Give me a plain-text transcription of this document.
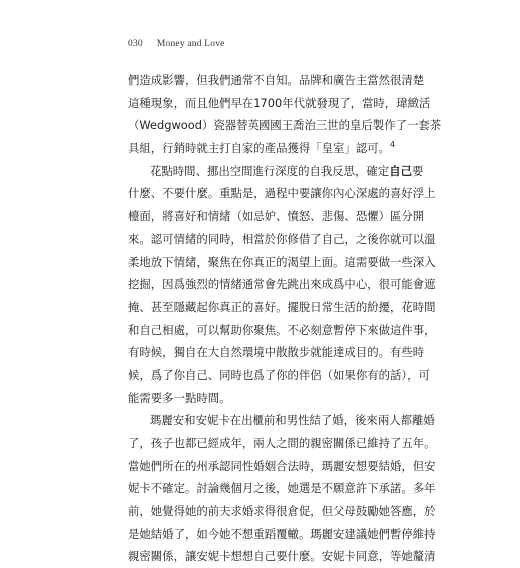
030 Money and Love
們造成影響，但我們通常不自知。品牌和廣告主當然很清楚
這種現象，而且他們早在1700年代就發現了，當時，瑋緻活
（Wedgwood）瓷器替英國國王喬治三世的皇后製作了一套茶
具組，行銷時就主打自家的產品獲得「皇室」認可。$^4$
花點時間、挪出空間進行深度的自我反思，確定自己要
什麼、不要什麼。重點是，過程中要讓你內心深處的喜好浮上
檯面，將喜好和情緒（如忌妒、憤怒、悲傷、恐懼）區分開
來。認可情緒的同時，相當於你修借了自己，之後你就可以溫
柔地放下情緒，聚焦在你真正的渴望上面。這需要做一些深入
挖掘，因爲強烈的情緒通常會先跳出來成爲中心，很可能會遮
掩、甚至隱藏起你真正的喜好。擺脫日常生活的紛擾，花時間
和自己相處，可以幫助你聚焦。不必刻意暫停下來做這件事，
有時候，獨自在大自然環境中散散步就能達成目的。有些時
候，爲了你自己、同時也爲了你的伴侶（如果你有的話），可
能需要多一點時間。
瑪麗安和安妮卡在出櫃前和男性結了婚，後來兩人都離婚
了，孩子也都已經成年，兩人之間的親密關係已維持了五年。
當她們所在的州承認同性婚姻合法時，瑪麗安想要結婚，但安
妮卡不確定。討論幾個月之後，她選是不願意許下承諾。多年
前，她覺得她的前夫求婚求得很倉促，但父母鼓勵她答應，於
是她結婚了，如今她不想重蹈覆轍。瑪麗安建議她們暫停維持
親密關係，讓安妮卡想想自己要什麼。安妮卡同意，等她釐清
